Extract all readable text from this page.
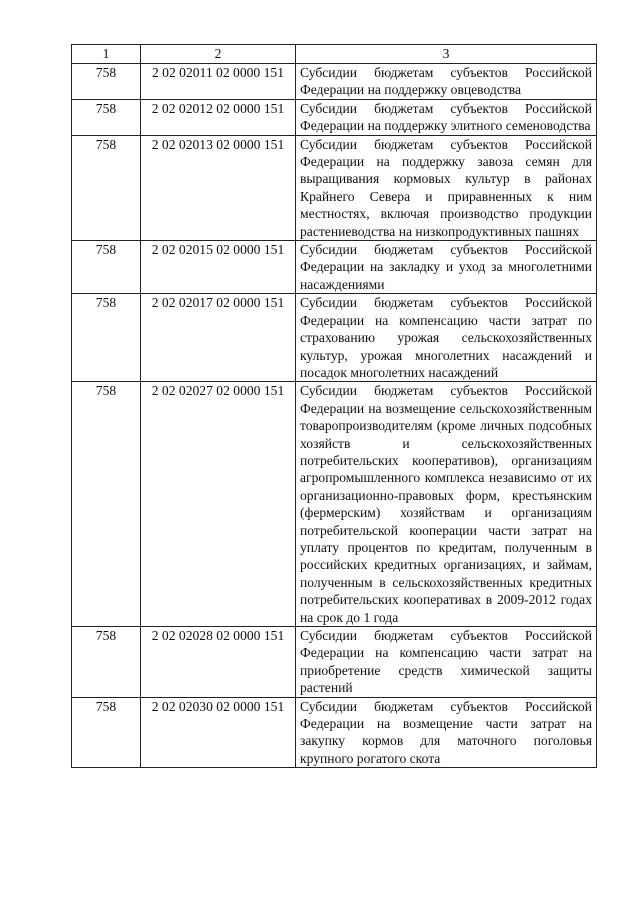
1	2	3
758	2 02 02011 02 0000 151	Субсидии бюджетам субъектов Российской Федерации на поддержку овцеводства
758	2 02 02012 02 0000 151	Субсидии бюджетам субъектов Российской Федерации на поддержку элитного семеноводства
758	2 02 02013 02 0000 151	Субсидии бюджетам субъектов Российской Федерации на поддержку завоза семян для выращивания кормовых культур в районах Крайнего Севера и приравненных к ним местностях, включая производство продукции растениеводства на низкопродуктивных пашнях
758	2 02 02015 02 0000 151	Субсидии бюджетам субъектов Российской Федерации на закладку и уход за многолетними насаждениями
758	2 02 02017 02 0000 151	Субсидии бюджетам субъектов Российской Федерации на компенсацию части затрат по страхованию урожая сельскохозяйственных культур, урожая многолетних насаждений и посадок многолетних насаждений
758	2 02 02027 02 0000 151	Субсидии бюджетам субъектов Российской Федерации на возмещение сельскохозяйственным товаропроизводителям (кроме личных подсобных хозяйств и сельскохозяйственных потребительских кооперативов), организациям агропромышленного комплекса независимо от их организационно-правовых форм, крестьянским (фермерским) хозяйствам и организациям потребительской кооперации части затрат на уплату процентов по кредитам, полученным в российских кредитных организациях, и займам, полученным в сельскохозяйственных кредитных потребительских кооперативах в 2009-2012 годах на срок до 1 года
758	2 02 02028 02 0000 151	Субсидии бюджетам субъектов Российской Федерации на компенсацию части затрат на приобретение средств химической защиты растений
758	2 02 02030 02 0000 151	Субсидии бюджетам субъектов Российской Федерации на возмещение части затрат на закупку кормов для маточного поголовья крупного рогатого скота
